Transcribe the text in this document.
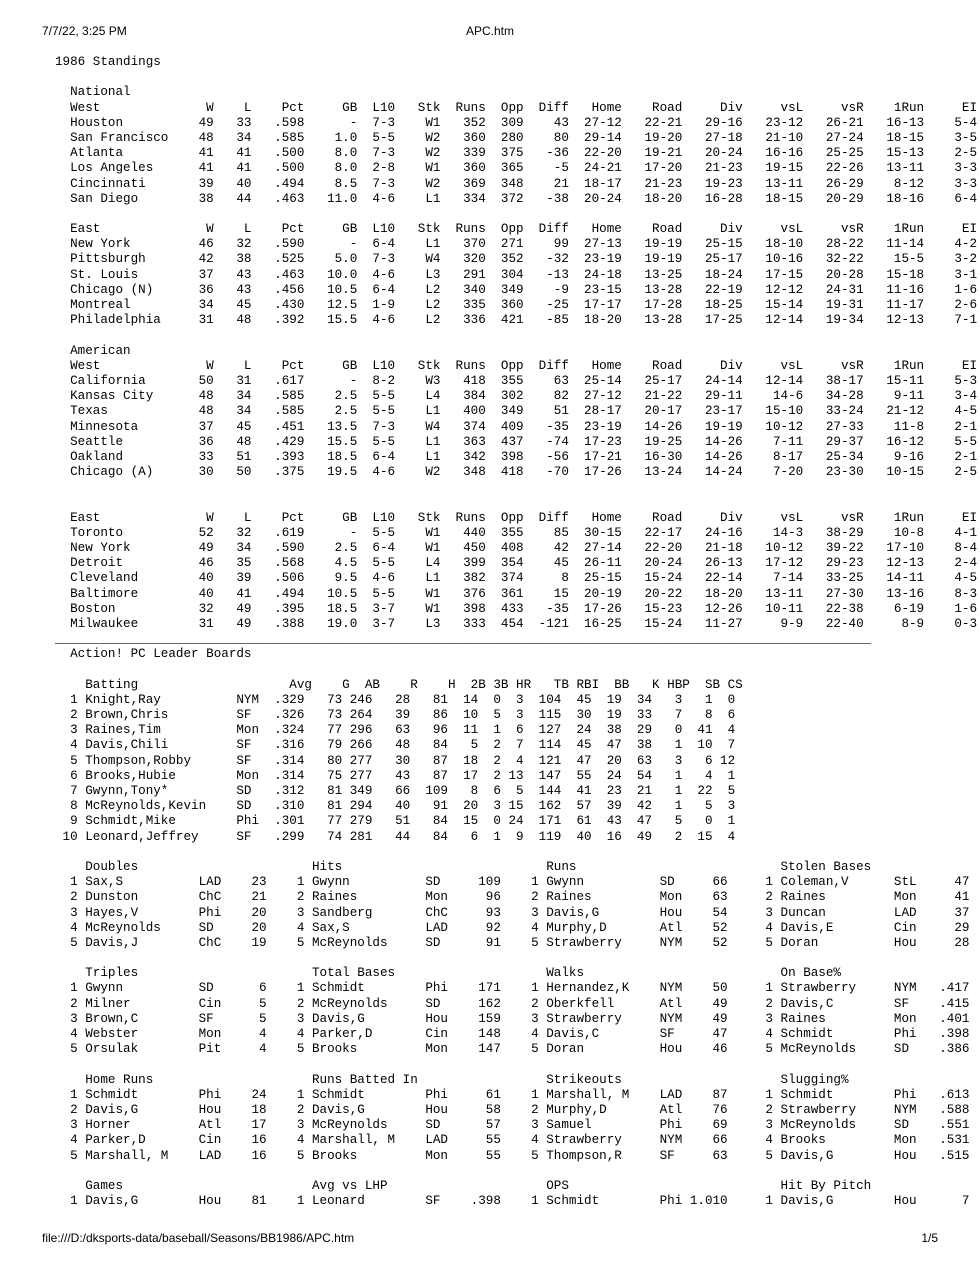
7/7/22, 3:25 PM	APC.htm
1986 Standings
National
West              W    L    Pct     GB  L10   Stk  Runs  Opp  Diff   Home    Road     Div     vsL     vsR    1Run     EI
Houston          49   33   .598      -  7-3    W1   352  309    43  27-12   22-21   29-16   23-12   26-21   16-13    5-4
San Francisco    48   34   .585    1.0  5-5    W2   360  280    80  29-14   19-20   27-18   21-10   27-24   18-15    3-5
Atlanta          41   41   .500    8.0  7-3    W2   339  375   -36  22-20   19-21   20-24   16-16   25-25   15-13    2-5
Los Angeles      41   41   .500    8.0  2-8    W1   360  365    -5  24-21   17-20   21-23   19-15   22-26   13-11    3-3
Cincinnati       39   40   .494    8.5  7-3    W2   369  348    21  18-17   21-23   19-23   13-11   26-29    8-12    3-3
San Diego        38   44   .463   11.0  4-6    L1   334  372   -38  20-24   18-20   16-28   18-15   20-29   18-16    6-4
East              W    L    Pct     GB  L10   Stk  Runs  Opp  Diff   Home    Road     Div     vsL     vsR    1Run     EI
New York         46   32   .590      -  6-4    L1   370  271    99  27-13   19-19   25-15   18-10   28-22   11-14    4-2
Pittsburgh       42   38   .525    5.0  7-3    W4   320  352   -32  23-19   19-19   25-17   10-16   32-22    15-5    3-2
St. Louis        37   43   .463   10.0  4-6    L3   291  304   -13  24-18   13-25   18-24   17-15   20-28   15-18    3-1
Chicago (N)      36   43   .456   10.5  6-4    L2   340  349    -9  23-15   13-28   22-19   12-12   24-31   11-16    1-6
Montreal         34   45   .430   12.5  1-9    L2   335  360   -25  17-17   17-28   18-25   15-14   19-31   11-17    2-6
Philadelphia     31   48   .392   15.5  4-6    L2   336  421   -85  18-20   13-28   17-25   12-14   19-34   12-13    7-1
American
West              W    L    Pct     GB  L10   Stk  Runs  Opp  Diff   Home    Road     Div     vsL     vsR    1Run     EI
California       50   31   .617      -  8-2    W3   418  355    63  25-14   25-17   24-14   12-14   38-17   15-11    5-3
Kansas City      48   34   .585    2.5  5-5    L4   384  302    82  27-12   21-22   29-11    14-6   34-28    9-11    3-4
Texas            48   34   .585    2.5  5-5    L1   400  349    51  28-17   20-17   23-17   15-10   33-24   21-12    4-5
Minnesota        37   45   .451   13.5  7-3    W4   374  409   -35  23-19   14-26   19-19   10-12   27-33    11-8    2-1
Seattle          36   48   .429   15.5  5-5    L1   363  437   -74  17-23   19-25   14-26    7-11   29-37   16-12    5-5
Oakland          33   51   .393   18.5  6-4    L1   342  398   -56  17-21   16-30   14-26    8-17   25-34    9-16    2-1
Chicago (A)      30   50   .375   19.5  4-6    W2   348  418   -70  17-26   13-24   14-24    7-20   23-30   10-15    2-5
East              W    L    Pct     GB  L10   Stk  Runs  Opp  Diff   Home    Road     Div     vsL     vsR    1Run     EI
Toronto          52   32   .619      -  5-5    W1   440  355    85  30-15   22-17   24-16    14-3   38-29    10-8    4-1
New York         49   34   .590    2.5  6-4    W1   450  408    42  27-14   22-20   21-18   10-12   39-22   17-10    8-4
Detroit          46   35   .568    4.5  5-5    L4   399  354    45  26-11   20-24   26-13   17-12   29-23   12-13    2-4
Cleveland        40   39   .506    9.5  4-6    L1   382  374     8  25-15   15-24   22-14    7-14   33-25   14-11    4-5
Baltimore        40   41   .494   10.5  5-5    W1   376  361    15  20-19   20-22   18-20   13-11   27-30   13-16    8-3
Boston           32   49   .395   18.5  3-7    W1   398  433   -35  17-26   15-23   12-26   10-11   22-38    6-19    1-6
Milwaukee        31   49   .388   19.0  3-7    L3   333  454  -121  16-25   15-24   11-27     9-9   22-40     8-9    0-3
____________________________________________________________________________________________________________
Action! PC Leader Boards
Batting                    Avg    G  AB    R    H  2B 3B HR   TB RBI  BB   K HBP  SB CS
1 Knight,Ray          NYM  .329   73 246   28   81  14  0  3  104  45  19  34   3   1  0
2 Brown,Chris         SF   .326   73 264   39   86  10  5  3  115  30  19  33   7   8  6
3 Raines,Tim          Mon  .324   77 296   63   96  11  1  6  127  24  38  29   0  41  4
4 Davis,Chili         SF   .316   79 266   48   84   5  2  7  114  45  47  38   1  10  7
5 Thompson,Robby      SF   .314   80 277   30   87  18  2  4  121  47  20  63   3   6 12
6 Brooks,Hubie        Mon  .314   75 277   43   87  17  2 13  147  55  24  54   1   4  1
7 Gwynn,Tony*         SD   .312   81 349   66  109   8  6  5  144  41  23  21   1  22  5
8 McReynolds,Kevin    SD   .310   81 294   40   91  20  3 15  162  57  39  42   1   5  3
9 Schmidt,Mike        Phi  .301   77 279   51   84  15  0 24  171  61  43  47   5   0  1
10 Leonard,Jeffrey     SF   .299   74 281   44   84   6  1  9  119  40  16  49   2  15  4
Doubles                       Hits                           Runs                           Stolen Bases
1 Sax,S          LAD    23    1 Gwynn          SD     109    1 Gwynn          SD     66     1 Coleman,V      StL     47
2 Dunston        ChC    21    2 Raines         Mon     96    2 Raines         Mon    63     2 Raines         Mon     41
3 Hayes,V        Phi    20    3 Sandberg       ChC     93    3 Davis,G        Hou    54     3 Duncan         LAD     37
4 McReynolds     SD     20    4 Sax,S          LAD     92    4 Murphy,D       Atl    52     4 Davis,E        Cin     29
5 Davis,J        ChC    19    5 McReynolds     SD      91    5 Strawberry     NYM    52     5 Doran          Hou     28
Triples                       Total Bases                    Walks                          On Base%
1 Gwynn          SD      6    1 Schmidt        Phi    171    1 Hernandez,K    NYM    50     1 Strawberry     NYM   .417
2 Milner         Cin     5    2 McReynolds     SD     162    2 Oberkfell      Atl    49     2 Davis,C        SF    .415
3 Brown,C        SF      5    3 Davis,G        Hou    159    3 Strawberry     NYM    49     3 Raines         Mon   .401
4 Webster        Mon     4    4 Parker,D       Cin    148    4 Davis,C        SF     47     4 Schmidt        Phi   .398
5 Orsulak        Pit     4    5 Brooks         Mon    147    5 Doran          Hou    46     5 McReynolds     SD    .386
Home Runs                     Runs Batted In                 Strikeouts                     Slugging%
1 Schmidt        Phi    24    1 Schmidt        Phi     61    1 Marshall, M    LAD    87     1 Schmidt        Phi   .613
2 Davis,G        Hou    18    2 Davis,G        Hou     58    2 Murphy,D       Atl    76     2 Strawberry     NYM   .588
3 Horner         Atl    17    3 McReynolds     SD      57    3 Samuel         Phi    69     3 McReynolds     SD    .551
4 Parker,D       Cin    16    4 Marshall, M    LAD     55    4 Strawberry     NYM    66     4 Brooks         Mon   .531
5 Marshall, M    LAD    16    5 Brooks         Mon     55    5 Thompson,R     SF     63     5 Davis,G        Hou   .515
Games                         Avg vs LHP                     OPS                            Hit By Pitch
1 Davis,G        Hou    81    1 Leonard        SF    .398    1 Schmidt        Phi 1.010     1 Davis,G        Hou      7
file:///D:/dksports-data/baseball/Seasons/BB1986/APC.htm	1/5
